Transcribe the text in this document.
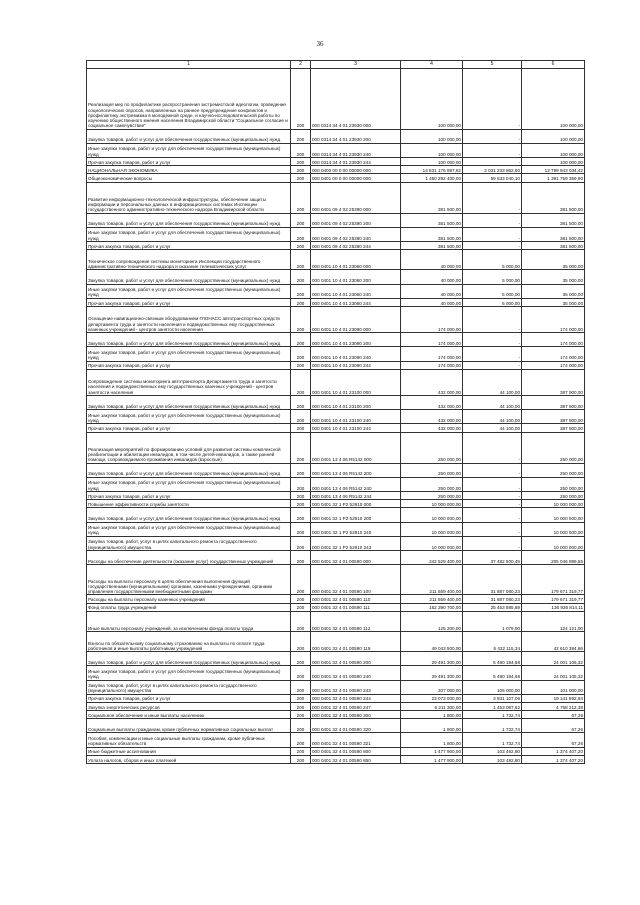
36
1	2	3	4	5	6
Реализация мер по профилактике распространения экстремистской идеологии, проведение социологических опросов, направленных на раннее предупреждение конфликтов и профилактику экстремизма в молодежной среде, и научно-исследовательской работы по изучению общественного мнения населения Владимирской области "Социальное согласие и социальное самочувствие"	200	000 0314 34 4 01 23930 000	100 000,00	-	100 000,00
Закупка товаров, работ и услуг для обеспечения государственных (муниципальных) нужд	200	000 0314 34 4 01 23930 200	100 000,00	-	100 000,00
Иные закупки товаров, работ и услуг для обеспечения государственных (муниципальных) нужд	200	000 0314 34 4 01 23930 240	100 000,00	-	100 000,00
Прочая закупка товаров, работ и услуг	200	000 0314 34 4 01 23930 244	100 000,00	-	100 000,00
НАЦИОНАЛЬНАЯ ЭКОНОМИКА	200	000 0400 00 0 00 00000 000	14 831 176 897,62	2 031 233 862,60	12 799 943 034,42
Общеэкономические вопросы	200	000 0401 00 0 00 00000 000	1 450 292 400,00	59 533 040,10	1 391 759 359,90
Развитие информационно-технологической инфраструктуры, обеспечение защиты информации и персональных данных в информационных системах Инспекции государственного административно-технического надзора Владимирской области	200	000 0401 09 4 02 25390 000	381 500,00	-	381 500,00
Закупка товаров, работ и услуг для обеспечения государственных (муниципальных) нужд	200	000 0401 09 4 02 25390 200	381 500,00	-	381 500,00
Иные закупки товаров, работ и услуг для обеспечения государственных (муниципальных) нужд	200	000 0401 09 4 02 25390 240	381 500,00	-	381 500,00
Прочая закупка товаров, работ и услуг	200	000 0401 09 4 02 25390 244	381 500,00	-	381 500,00
Техническое сопровождение системы мониторинга Инспекции государственного административно-технического надзора и оказание телематических услуг	200	000 0401 10 4 01 23060 000	40 000,00	5 000,00	35 000,00
Закупка товаров, работ и услуг для обеспечения государственных (муниципальных) нужд	200	000 0401 10 4 01 23060 200	40 000,00	5 000,00	35 000,00
Иные закупки товаров, работ и услуг для обеспечения государственных (муниципальных) нужд	200	000 0401 10 4 01 23060 240	40 000,00	5 000,00	35 000,00
Прочая закупка товаров, работ и услуг	200	000 0401 10 4 01 23060 244	40 000,00	5 000,00	35 000,00
Оснащение навигационно-связным оборудованием ГЛОНАСС автотранспортных средств департамента труда и занятости населения и подведомственных ему государственных казенных учреждений - центров занятости населения	200	000 0401 10 4 01 23090 000	174 000,00	-	174 000,00
Закупка товаров, работ и услуг для обеспечения государственных (муниципальных) нужд	200	000 0401 10 4 01 23090 200	174 000,00	-	174 000,00
Иные закупки товаров, работ и услуг для обеспечения государственных (муниципальных) нужд	200	000 0401 10 4 01 23090 240	174 000,00	-	174 000,00
Прочая закупка товаров, работ и услуг	200	000 0401 10 4 01 23090 244	174 000,00	-	174 000,00
Сопровождение системы мониторинга автотранспорта Департамента труда и занятости населения и подведомственных ему государственных казенных учреждений - центров занятости населения	200	000 0401 10 4 01 23100 000	432 000,00	44 100,00	387 900,00
Закупка товаров, работ и услуг для обеспечения государственных (муниципальных) нужд	200	000 0401 10 4 01 23100 200	432 000,00	44 100,00	387 900,00
Иные закупки товаров, работ и услуг для обеспечения государственных (муниципальных) нужд	200	000 0401 10 4 01 23100 240	432 000,00	44 100,00	387 900,00
Прочая закупка товаров, работ и услуг	200	000 0401 10 4 01 23100 244	432 000,00	44 100,00	387 900,00
Реализация мероприятий по формированию условий для развития системы комплексной реабилитации и абилитации инвалидов, в том числе детей-инвалидов, а также ранней помощи, сопровождаемого проживания инвалидов (взрослые)	200	000 0401 13 4 06 R5142 000	250 000,00	-	250 000,00
Закупка товаров, работ и услуг для обеспечения государственных (муниципальных) нужд	200	000 0401 13 4 06 R5142 200	250 000,00	-	250 000,00
Иные закупки товаров, работ и услуг для обеспечения государственных (муниципальных) нужд	200	000 0401 13 4 06 R5142 240	250 000,00	-	250 000,00
Прочая закупка товаров, работ и услуг	200	000 0401 13 4 06 R5142 244	250 000,00	-	250 000,00
Повышение эффективности службы занятости	200	000 0401 32 1 P2 52910 000	10 000 000,00	-	10 000 000,00
Закупка товаров, работ и услуг для обеспечения государственных (муниципальных) нужд	200	000 0401 32 1 P2 52910 200	10 000 000,00	-	10 000 000,00
Иные закупки товаров, работ и услуг для обеспечения государственных (муниципальных) нужд	200	000 0401 32 1 P2 52910 240	10 000 000,00	-	10 000 000,00
Закупка товаров, работ, услуг в целях капитального ремонта государственного (муниципального) имущества	200	000 0401 32 1 P2 52910 243	10 000 000,00	-	10 000 000,00
Расходы на обеспечение деятельности (оказание услуг) государственных учреждений	200	000 0401 32 4 01 00590 000	242 529 400,00	37 482 500,45	205 046 899,55
Расходы на выплаты персоналу в целях обеспечения выполнения функций государственными (муниципальными) органами, казенными учреждениями, органами управления государственными внебюджетными фондами	200	000 0401 32 4 01 00590 100	211 559 400,00	31 887 080,23	179 671 319,77
Расходы на выплаты персоналу казенных учреждений	200	000 0401 32 4 01 00590 110	211 559 400,00	31 887 080,23	179 671 319,77
Фонд оплаты труда учреждений	200	000 0401 32 4 01 00590 111	162 390 700,00	25 453 885,89	136 936 814,11
Иные выплаты персоналу учреждений, за исключением фонда оплаты труда	200	000 0401 32 4 01 00590 112	125 200,00	1 079,00	124 121,00
Взносы по обязательному социальному страхованию на выплаты по оплате труда работников и иные выплаты работникам учреждений	200	000 0401 32 4 01 00590 119	49 043 500,00	6 432 115,34	42 610 384,66
Закупка товаров, работ и услуг для обеспечения государственных (муниципальных) нужд	200	000 0401 32 4 01 00590 200	29 491 300,00	5 490 194,68	24 001 105,32
Иные закупки товаров, работ и услуг для обеспечения государственных (муниципальных) нужд	200	000 0401 32 4 01 00590 240	29 491 300,00	5 490 194,68	24 001 105,32
Закупка товаров, работ, услуг в целях капитального ремонта государственного (муниципального) имущества	200	000 0401 32 4 01 00590 243	207 000,00	106 000,00	101 000,00
Прочая закупка товаров, работ и услуг	200	000 0401 32 4 01 00590 244	23 073 000,00	3 931 107,06	19 141 892,94
Закупка энергетических ресурсов	200	000 0401 32 4 01 00590 247	6 211 300,00	1 453 087,62	4 758 212,38
Социальное обеспечение и иные выплаты населению	200	000 0401 32 4 01 00590 300	1 800,00	1 732,74	67,26
Социальные выплаты гражданам, кроме публичных нормативных социальных выплат	200	000 0401 32 4 01 00590 320	1 800,00	1 732,74	67,26
Пособия, компенсации и иные социальные выплаты гражданам, кроме публичных нормативных обязательств	200	000 0401 32 4 01 00590 321	1 800,00	1 732,74	67,26
Иные бюджетные ассигнования	200	000 0401 32 4 01 00590 800	1 477 900,00	103 492,80	1 374 407,20
Уплата налогов, сборов и иных платежей	200	000 0401 32 4 01 00590 850	1 477 900,00	103 492,80	1 374 407,20
